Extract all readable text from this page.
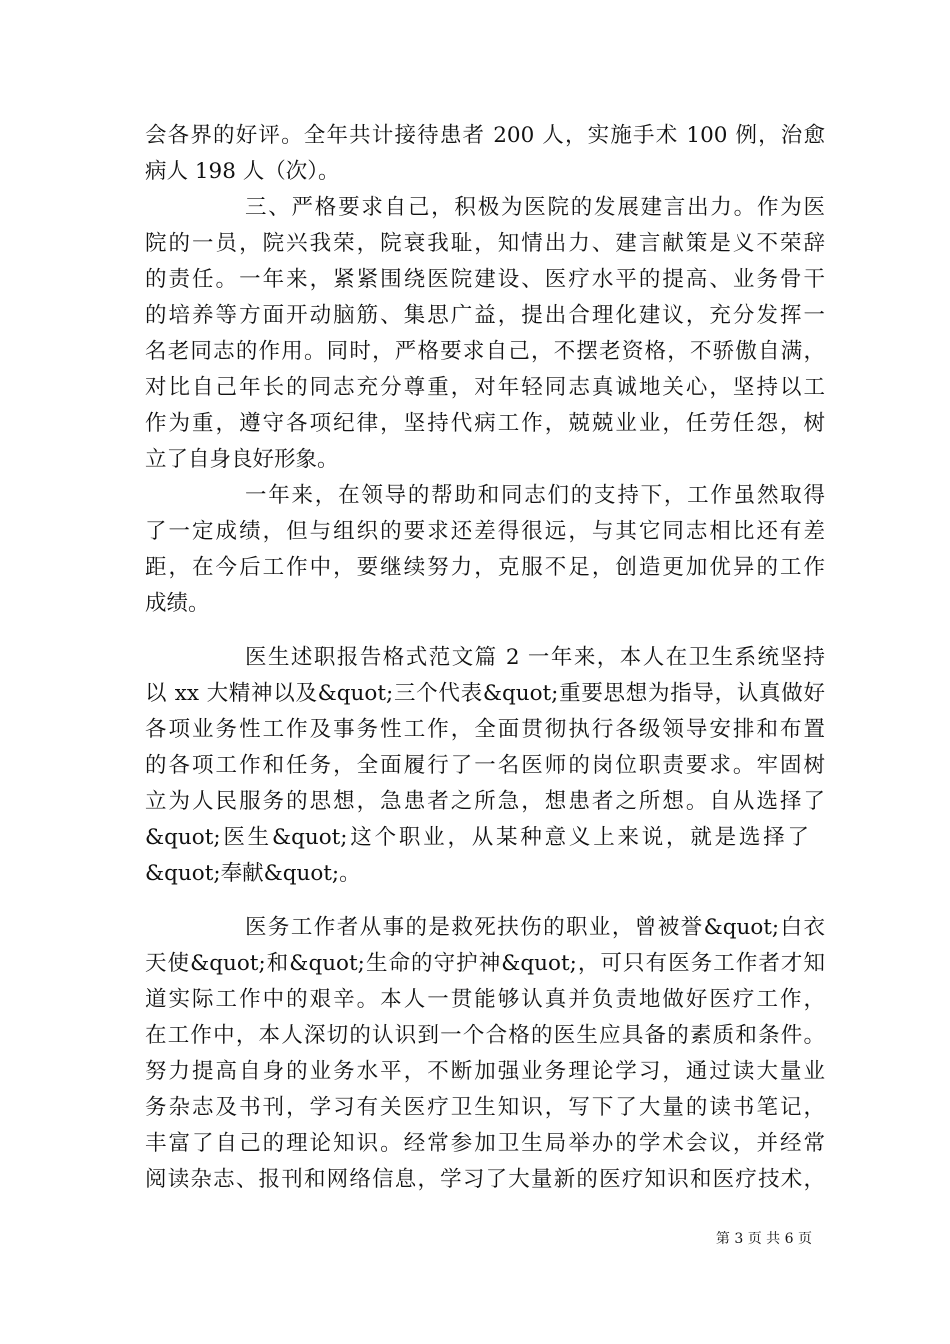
会各界的好评。全年共计接待患者 200 人，实施手术 100 例，治愈
病人 198 人（次）。
三、严格要求自己，积极为医院的发展建言出力。作为医
院的一员，院兴我荣，院衰我耻，知情出力、建言献策是义不荣辞
的责任。一年来，紧紧围绕医院建设、医疗水平的提高、业务骨干
的培养等方面开动脑筋、集思广益，提出合理化建议，充分发挥一
名老同志的作用。同时，严格要求自己，不摆老资格，不骄傲自满，
对比自己年长的同志充分尊重，对年轻同志真诚地关心，坚持以工
作为重，遵守各项纪律，坚持代病工作，兢兢业业，任劳任怨，树
立了自身良好形象。
一年来，在领导的帮助和同志们的支持下，工作虽然取得
了一定成绩，但与组织的要求还差得很远，与其它同志相比还有差
距，在今后工作中，要继续努力，克服不足，创造更加优异的工作
成绩。
医生述职报告格式范文篇 2 一年来，本人在卫生系统坚持
以 xx 大精神以及&quot;三个代表&quot;重要思想为指导，认真做好
各项业务性工作及事务性工作，全面贯彻执行各级领导安排和布置
的各项工作和任务，全面履行了一名医师的岗位职责要求。牢固树
立为人民服务的思想，急患者之所急，想患者之所想。自从选择了
&quot;医生&quot;这个职业，从某种意义上来说，就是选择了
&quot;奉献&quot;。
医务工作者从事的是救死扶伤的职业，曾被誉&quot;白衣
天使&quot;和&quot;生命的守护神&quot;，可只有医务工作者才知
道实际工作中的艰辛。本人一贯能够认真并负责地做好医疗工作，
在工作中，本人深切的认识到一个合格的医生应具备的素质和条件。
努力提高自身的业务水平，不断加强业务理论学习，通过读大量业
务杂志及书刊，学习有关医疗卫生知识，写下了大量的读书笔记，
丰富了自己的理论知识。经常参加卫生局举办的学术会议，并经常
阅读杂志、报刊和网络信息，学习了大量新的医疗知识和医疗技术，
第 3 页 共 6 页
